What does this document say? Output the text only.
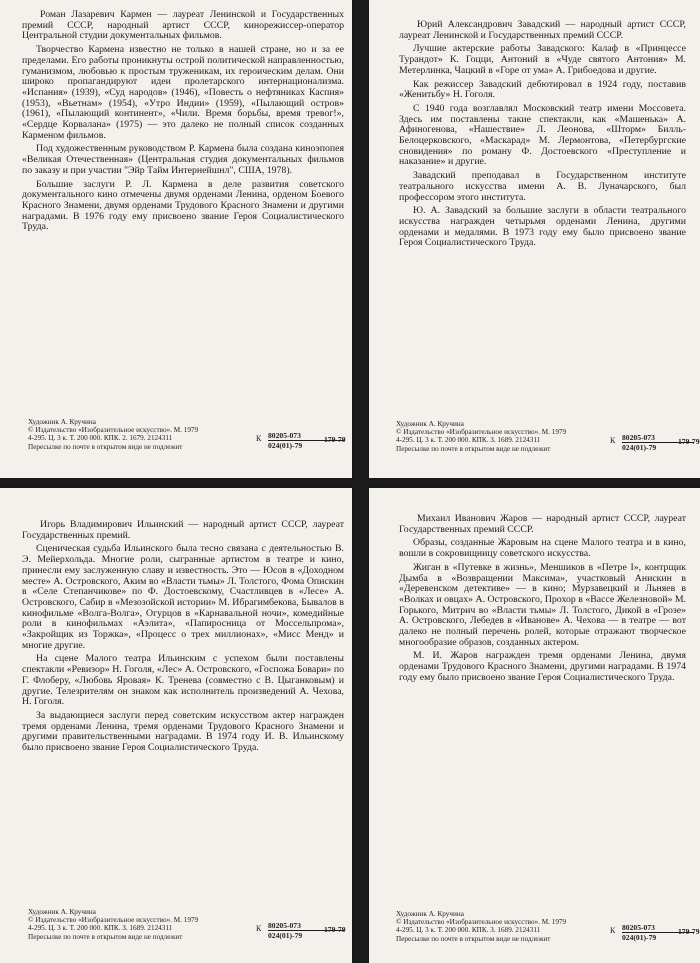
Роман Лазаревич Кармен — лауреат Ленинской и Государственных премий СССР, народный артист СССР, кинорежиссер-оператор Центральной студии документальных фильмов.

Творчество Кармена известно не только в нашей стране, но и за ее пределами. Его работы проникнуты острой политической направленностью, гуманизмом, любовью к простым труженикам, их героическим делам. Они широко пропагандируют идеи пролетарского интернационализма. «Испания» (1939), «Суд народов» (1946), «Повесть о нефтяниках Каспия» (1953), «Вьетнам» (1954), «Утро Индии» (1959), «Пылающий остров» (1961), «Пылающий континент», «Чили. Время борьбы, время тревог!», «Сердце Корвалана» (1975) — это далеко не полный список созданных Карменом фильмов.

Под художественным руководством Р. Кармена была создана киноэпопея «Великая Отечественная» (Центральная студия документальных фильмов по заказу и при участии "Эйр Тайм Интернейшнл", США, 1978).

Большие заслуги Р. Л. Кармена в деле развития советского документального кино отмечены двумя орденами Ленина, орденом Боевого Красного Знамени, двумя орденами Трудового Красного Знамени и другими наградами. В 1976 году ему присвоено звание Героя Социалистического Труда.

Художник А. Кручина
© Издательство «Изобразительное искусство». М. 1979
4-295. Ц. 3 к. Т. 200 000. КПК. 2. 1679. 2124311
Пересылке по почте в открытом виде не подлежит
К 80205-073
024(01)-79
179-79

Юрий Александрович Завадский — народный артист СССР, лауреат Ленинской и Государственных премий СССР.

Лучшие актерские работы Завадского: Калаф в «Принцессе Турандот» К. Гоцци, Антоний в «Чуде святого Антония» М. Метерлинка, Чацкий в «Горе от ума» А. Грибоедова и другие.

Как режиссер Завадский дебютировал в 1924 году, поставив «Женитьбу» Н. Гоголя.

С 1940 года возглавлял Московский театр имени Моссовета. Здесь им поставлены такие спектакли, как «Машенька» А. Афиногенова, «Нашествие» Л. Леонова, «Шторм» Билль-Белоцерковского, «Маскарад» М. Лермонтова, «Петербургские сновидения» по роману Ф. Достоевского «Преступление и наказание» и другие.

Завадский преподавал в Государственном институте театрального искусства имени А. В. Луначарского, был профессором этого института.

Ю. А. Завадский за большие заслуги в области театрального искусства награжден четырьмя орденами Ленина, другими орденами и медалями. В 1973 году ему было присвоено звание Героя Социалистического Труда.

Художник А. Кручина
© Издательство «Изобразительное искусство». М. 1979
4-295. Ц. 3 к. Т. 200 000. КПК. З. 1689. 2124311
Пересылке по почте в открытом виде не подлежит
К 80205-073
024(01)-79
179-79

Игорь Владимирович Ильинский — народный артист СССР, лауреат Государственных премий.

Сценическая судьба Ильинского была тесно связана с деятельностью В. Э. Мейерхольда. Многие роли, сыгранные артистом в театре и кино, принесли ему заслуженную славу и известность. Это — Юсов в «Доходном месте» А. Островского, Аким во «Власти тьмы» Л. Толстого, Фома Опискин в «Селе Степанчикове» по Ф. Достоевскому, Счастливцев в «Лесе» А. Островского, Сабир в «Мезозойской истории» М. Ибрагимбекова, Бывалов в кинофильме «Волга-Волга», Огурцов в «Карнавальной ночи», комедийные роли в кинофильмах «Аэлита», «Папиросница от Моссельпрома», «Закройщик из Торжка», «Процесс о трех миллионах», «Мисс Менд» и многие другие.

На сцене Малого театра Ильинским с успехом были поставлены спектакли «Ревизор» Н. Гоголя, «Лес» А. Островского, «Госпожа Бовари» по Г. Флоберу, «Любовь Яровая» К. Тренева (совместно с В. Цыганковым) и другие. Телезрителям он знаком как исполнитель произведений А. Чехова, Н. Гоголя.

За выдающиеся заслуги перед советским искусством актер награжден тремя орденами Ленина, тремя орденами Трудового Красного Знамени и другими правительственными наградами. В 1974 году И. В. Ильинскому было присвоено звание Героя Социалистического Труда.

Художник А. Кручина
© Издательство «Изобразительное искусство». М. 1979
4-295. Ц. 3 к. Т. 200 000. КПК. З. 1689. 2124311
Пересылке по почте в открытом виде не подлежит
К 80205-073
024(01)-79
179-79

Михаил Иванович Жаров — народный артист СССР, лауреат Государственных премий СССР.

Образы, созданные Жаровым на сцене Малого театра и в кино, вошли в сокровищницу советского искусства.

Жиган в «Путевке в жизнь», Меншиков в «Петре I», контрщик Дымба в «Возвращении Максима», участковый Анискин в «Деревенском детективе» — в кино; Мурзавецкий и Льняев в «Волках и овцах» А. Островского, Прохор в «Вассе Железновой» М. Горького, Митрич во «Власти тьмы» Л. Толстого, Дикой в «Грозе» А. Островского, Лебедев в «Иванове» А. Чехова — в театре — вот далеко не полный перечень ролей, которые отражают творческое многообразие образов, созданных актером.

М. И. Жаров награжден тремя орденами Ленина, двумя орденами Трудового Красного Знамени, другими наградами. В 1974 году ему было присвоено звание Героя Социалистического Труда.

Художник А. Кручина
© Издательство «Изобразительное искусство». М. 1979
4-295. Ц. 3 к. Т. 200 000. КПК. З. 1689. 2124311
Пересылке по почте в открытом виде не подлежит
К 80205-073
024(01)-79
179-79
